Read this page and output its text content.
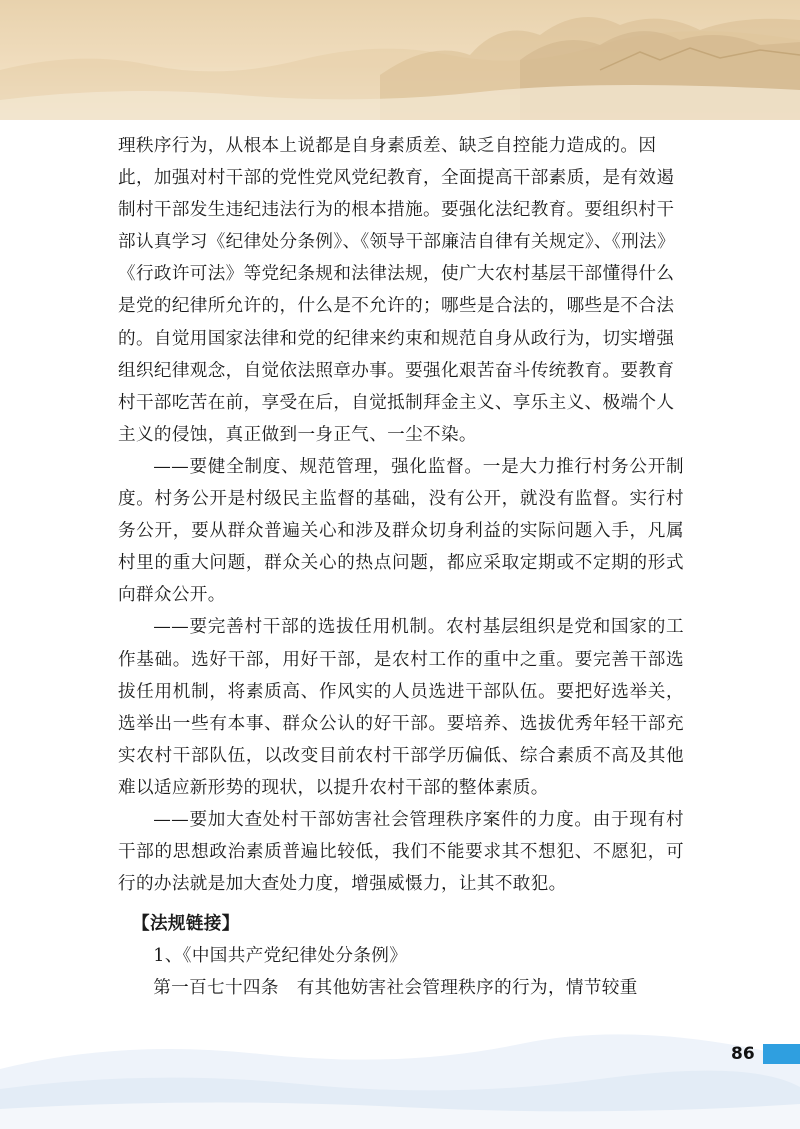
理秩序行为，从根本上说都是自身素质差、缺乏自控能力造成的。因此，加强对村干部的党性党风党纪教育，全面提高干部素质，是有效遏制村干部发生违纪违法行为的根本措施。要强化法纪教育。要组织村干部认真学习《纪律处分条例》、《领导干部廉洁自律有关规定》、《刑法》《行政许可法》等党纪条规和法律法规，使广大农村基层干部懂得什么是党的纪律所允许的，什么是不允许的；哪些是合法的，哪些是不合法的。自觉用国家法律和党的纪律来约束和规范自身从政行为，切实增强组织纪律观念，自觉依法照章办事。要强化艰苦奋斗传统教育。要教育村干部吃苦在前，享受在后，自觉抵制拜金主义、享乐主义、极端个人主义的侵蚀，真正做到一身正气、一尘不染。

——要健全制度、规范管理，强化监督。一是大力推行村务公开制度。村务公开是村级民主监督的基础，没有公开，就没有监督。实行村务公开，要从群众普遍关心和涉及群众切身利益的实际问题入手，凡属村里的重大问题，群众关心的热点问题，都应采取定期或不定期的形式向群众公开。

——要完善村干部的选拔任用机制。农村基层组织是党和国家的工作基础。选好干部，用好干部，是农村工作的重中之重。要完善干部选拔任用机制，将素质高、作风实的人员选进干部队伍。要把好选举关，选举出一些有本事、群众公认的好干部。要培养、选拔优秀年轻干部充实农村干部队伍，以改变目前农村干部学历偏低、综合素质不高及其他难以适应新形势的现状，以提升农村干部的整体素质。

——要加大查处村干部妨害社会管理秩序案件的力度。由于现有村干部的思想政治素质普遍比较低，我们不能要求其不想犯、不愿犯，可行的办法就是加大查处力度，增强威慑力，让其不敢犯。

【法规链接】

1、《中国共产党纪律处分条例》

第一百七十四条　有其他妨害社会管理秩序的行为，情节较重

86
